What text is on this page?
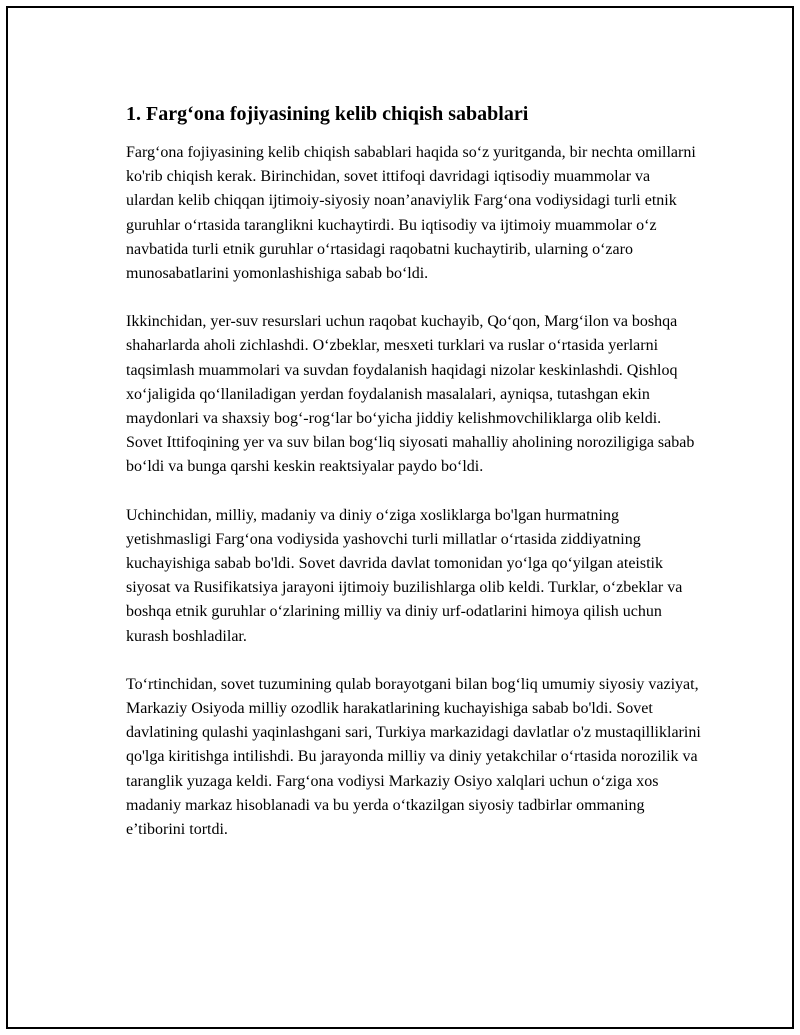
1. Farg‘ona fojiyasining kelib chiqish sabablari

Farg‘ona fojiyasining kelib chiqish sabablari haqida so‘z yuritganda, bir nechta omillarni ko'rib chiqish kerak. Birinchidan, sovet ittifoqi davridagi iqtisodiy muammolar va ulardan kelib chiqqan ijtimoiy-siyosiy noan’anaviylik Farg‘ona vodiysidagi turli etnik guruhlar o‘rtasida taranglikni kuchaytirdi. Bu iqtisodiy va ijtimoiy muammolar o‘z navbatida turli etnik guruhlar o‘rtasidagi raqobatni kuchaytirib, ularning o‘zaro munosabatlarini yomonlashishiga sabab bo‘ldi.

Ikkinchidan, yer-suv resurslari uchun raqobat kuchayib, Qo‘qon, Marg‘ilon va boshqa shaharlarda aholi zichlashdi. O‘zbeklar, mesxeti turklari va ruslar o‘rtasida yerlarni taqsimlash muammolari va suvdan foydalanish haqidagi nizolar keskinlashdi. Qishloq xo‘jaligida qo‘llaniladigan yerdan foydalanish masalalari, ayniqsa, tutashgan ekin maydonlari va shaxsiy bog‘-rog‘lar bo‘yicha jiddiy kelishmovchiliklarga olib keldi. Sovet Ittifoqining yer va suv bilan bog‘liq siyosati mahalliy aholining noroziligiga sabab bo‘ldi va bunga qarshi keskin reaktsiyalar paydo bo‘ldi.

Uchinchidan, milliy, madaniy va diniy o‘ziga xosliklarga bo'lgan hurmatning yetishmasligi Farg‘ona vodiysida yashovchi turli millatlar o‘rtasida ziddiyatning kuchayishiga sabab bo'ldi. Sovet davrida davlat tomonidan yo‘lga qo‘yilgan ateistik siyosat va Rusifikatsiya jarayoni ijtimoiy buzilishlarga olib keldi. Turklar, o‘zbeklar va boshqa etnik guruhlar o‘zlarining milliy va diniy urf-odatlarini himoya qilish uchun kurash boshladilar.

To‘rtinchidan, sovet tuzumining qulab borayotgani bilan bog‘liq umumiy siyosiy vaziyat, Markaziy Osiyoda milliy ozodlik harakatlarining kuchayishiga sabab bo'ldi. Sovet davlatining qulashi yaqinlashgani sari, Turkiya markazidagi davlatlar o'z mustaqilliklarini qo'lga kiritishga intilishdi. Bu jarayonda milliy va diniy yetakchilar o‘rtasida norozilik va taranglik yuzaga keldi. Farg‘ona vodiysi Markaziy Osiyo xalqlari uchun o‘ziga xos madaniy markaz hisoblanadi va bu yerda o‘tkazilgan siyosiy tadbirlar ommaning e’tiborini tortdi.
